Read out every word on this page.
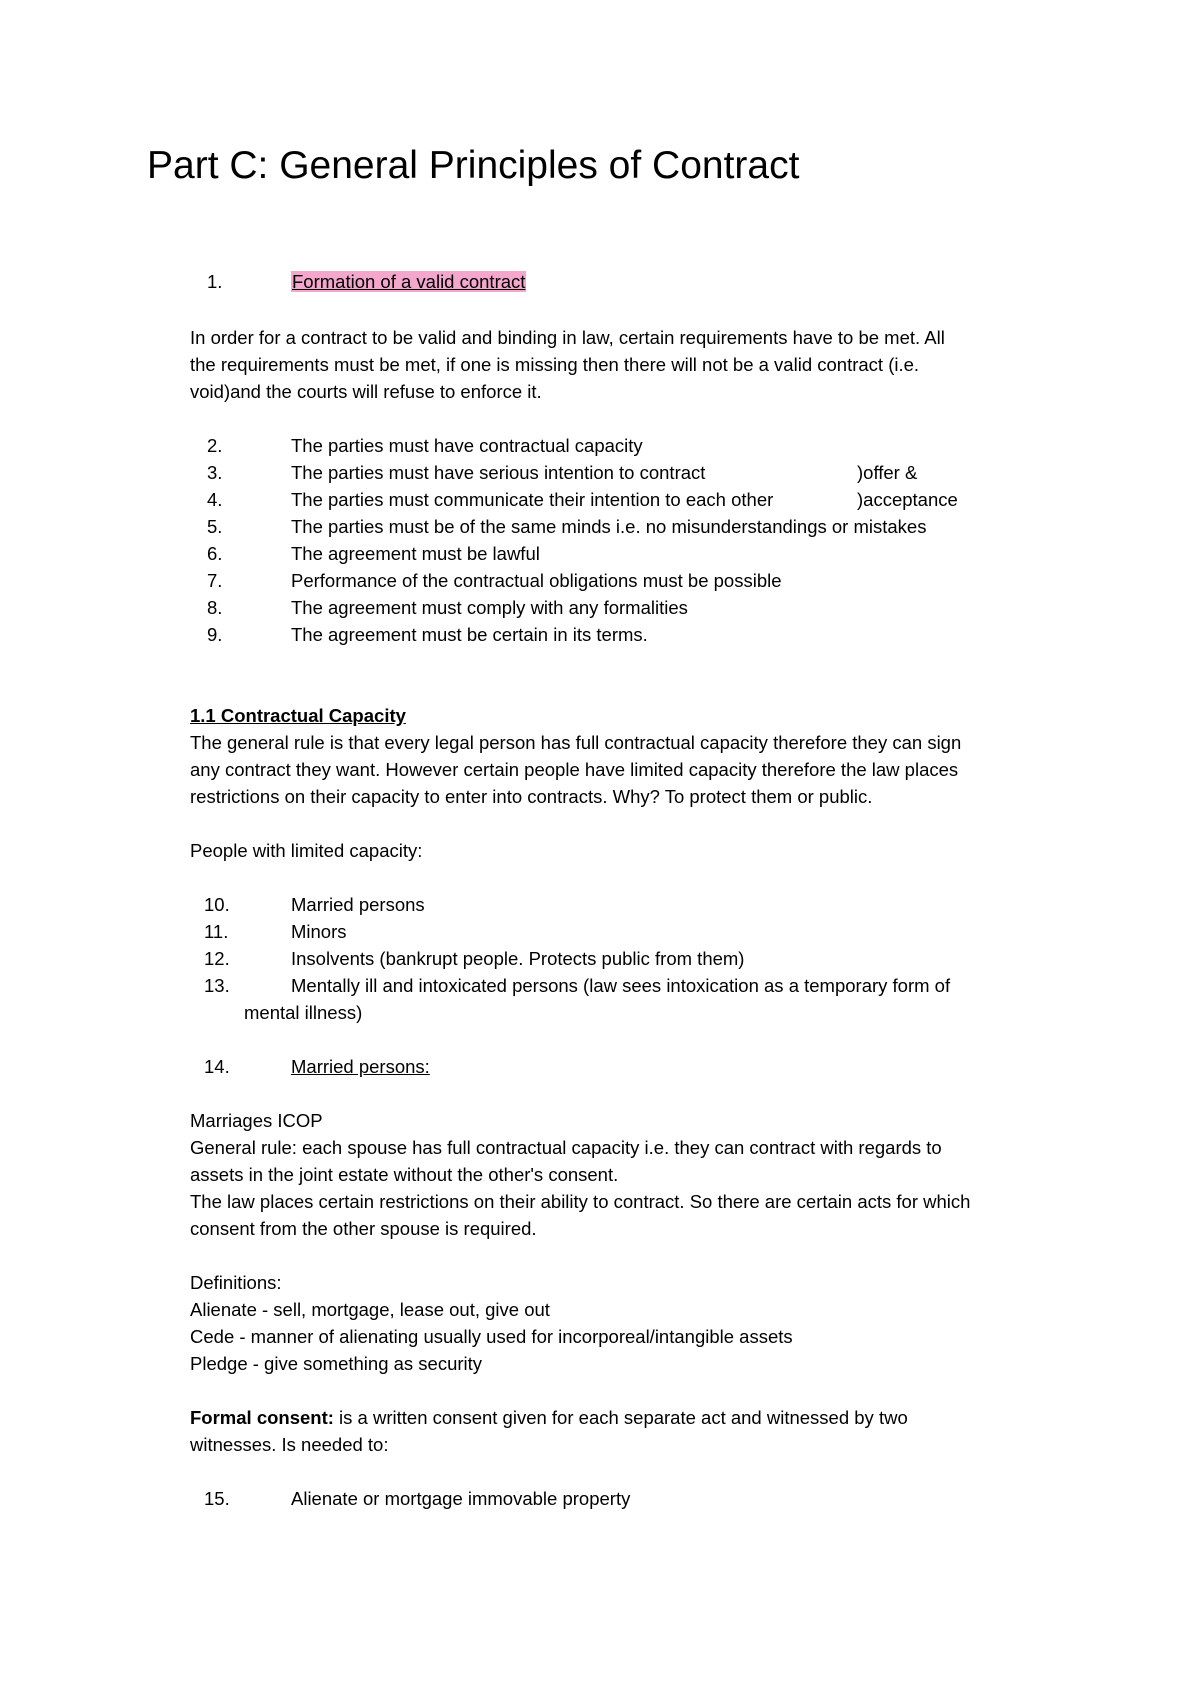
Part C: General Principles of Contract
1.	Formation of a valid contract
In order for a contract to be valid and binding in law, certain requirements have to be met. All
the requirements must be met, if one is missing then there will not be a valid contract (i.e.
void)and the courts will refuse to enforce it.
2.	The parties must have contractual capacity
3.	The parties must have serious intention to contract	)offer &
4.	The parties must communicate their intention to each other	)acceptance
5.	The parties must be of the same minds i.e. no misunderstandings or mistakes
6.	The agreement must be lawful
7.	Performance of the contractual obligations must be possible
8.	The agreement must comply with any formalities
9.	The agreement must be certain in its terms.
1.1 Contractual Capacity
The general rule is that every legal person has full contractual capacity therefore they can sign
any contract they want. However certain people have limited capacity therefore the law places
restrictions on their capacity to enter into contracts. Why? To protect them or public.
People with limited capacity:
10.	Married persons
11.	Minors
12.	Insolvents (bankrupt people. Protects public from them)
13.	Mentally ill and intoxicated persons (law sees intoxication as a temporary form of
mental illness)
14.	Married persons:
Marriages ICOP
General rule: each spouse has full contractual capacity i.e. they can contract with regards to
assets in the joint estate without the other's consent.
The law places certain restrictions on their ability to contract. So there are certain acts for which
consent from the other spouse is required.
Definitions:
Alienate - sell, mortgage, lease out, give out
Cede - manner of alienating usually used for incorporeal/intangible assets
Pledge - give something as security
Formal consent: is a written consent given for each separate act and witnessed by two
witnesses. Is needed to:
15.	Alienate or mortgage immovable property
